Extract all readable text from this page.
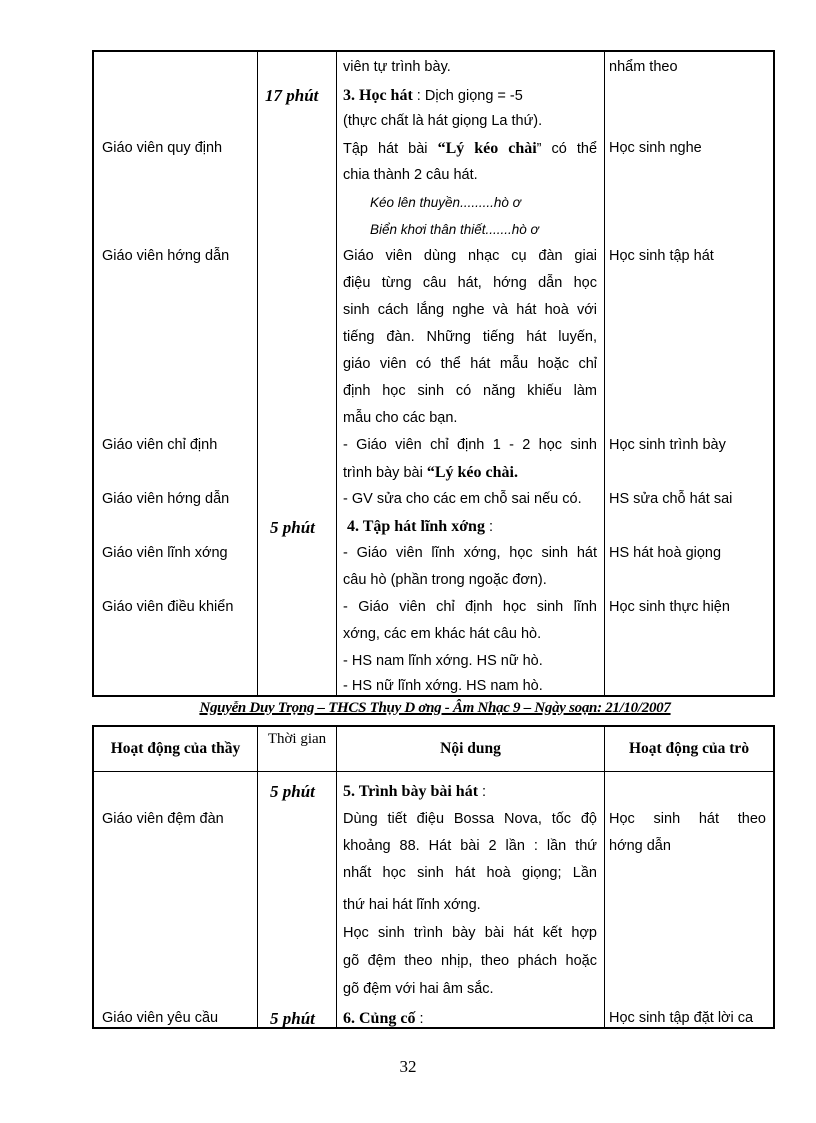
Giáo viên quy định
Giáo viên hớng dẫn
Giáo viên chỉ định
Giáo viên hớng dẫn
Giáo viên lĩnh xớng
Giáo viên điều khiển
17 phút
5 phút
viên tự trình bày.
3. Học hát : Dịch giọng = -5
(thực chất là hát giọng La thứ).
Tập hát bài “Lý kéo chài” có thể
chia thành 2 câu hát.
Kéo lên thuyền.........hò ơ
Biển khơi thân thiết.......hò ơ
Giáo viên dùng nhạc cụ đàn giai
điệu từng câu hát, hớng dẫn học
sinh cách lắng nghe và hát hoà với
tiếng đàn. Những tiếng hát luyến,
giáo viên có thể hát mẫu hoặc chỉ
định học sinh có năng khiếu làm
mẫu cho các bạn.
- Giáo viên chỉ định 1 - 2 học sinh
trình bày bài “Lý kéo chài.
- GV sửa cho các em chỗ sai nếu có.
4. Tập hát lĩnh xớng :
- Giáo viên lĩnh xớng, học sinh hát
câu hò (phần trong ngoặc đơn).
- Giáo viên chỉ định học sinh lĩnh
xớng, các em khác hát câu hò.
- HS nam lĩnh xớng. HS nữ hò.
- HS nữ lĩnh xớng. HS nam hò.
nhẩm theo
Học sinh nghe
Học sinh tập hát
Học sinh trình bày
HS sửa chỗ hát sai
HS hát hoà giọng
Học sinh thực hiện
Nguyễn Duy Trọng – THCS Thụy D ơng - Âm Nhạc 9 – Ngày soạn: 21/10/2007
Hoạt động của thầy
Thời gian
Nội dung	Hoạt động của trò
Giáo viên đệm đàn
Giáo viên yêu cầu
5 phút
5 phút
5. Trình bày bài hát :
Dùng tiết điệu Bossa Nova, tốc độ
khoảng 88. Hát bài 2 lần : lần thứ
nhất học sinh hát hoà giọng; Lần
thứ hai hát lĩnh xớng.
Học sinh trình bày bài hát kết hợp
gõ đệm theo nhịp, theo phách hoặc
gõ đệm với hai âm sắc.
6. Củng cố :
Học sinh hát theo
hớng dẫn
Học sinh tập đặt lời ca
32
